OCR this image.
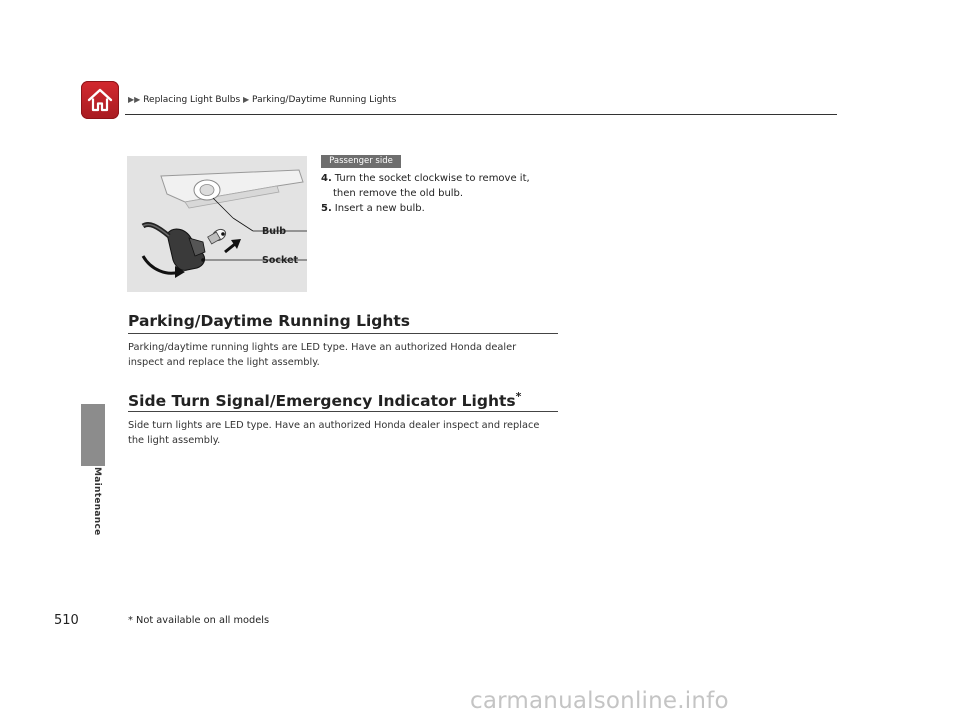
▶▶ Replacing Light Bulbs ▶ Parking/Daytime Running Lights
Maintenance
Bulb
Socket
Passenger side
4. Turn the socket clockwise to remove it,
then remove the old bulb.
5. Insert a new bulb.
Parking/Daytime Running Lights
Parking/daytime running lights are LED type. Have an authorized Honda dealer
inspect and replace the light assembly.
Side Turn Signal/Emergency Indicator Lights*
Side turn lights are LED type. Have an authorized Honda dealer inspect and replace
the light assembly.
510	* Not available on all models
carmanualsonline.info
